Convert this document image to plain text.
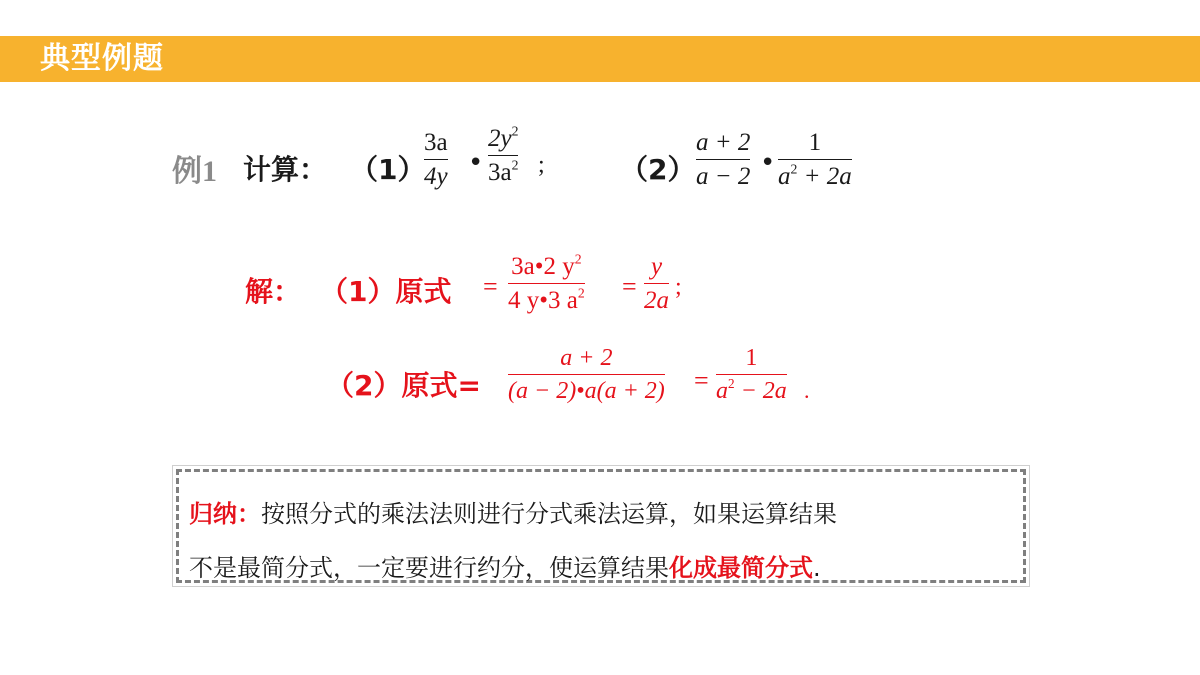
典型例题
例1 计算： （1）
3a
4y •
$2y^2$
$3a^2$ ;	（2）
a + 2
a − 2 •
1
$a^2 + 2a$
解： （1）原式 =
3a•2 $y^2$
4 y•3 $a^2$ =
y
2a
;
（2）原式=
a + 2
(a − 2)•a(a + 2) =
1
$a^2 - 2a$ .
归纳：按照分式的乘法法则进行分式乘法运算，如果运算结果
不是最简分式，一定要进行约分，使运算结果化成最简分式.
